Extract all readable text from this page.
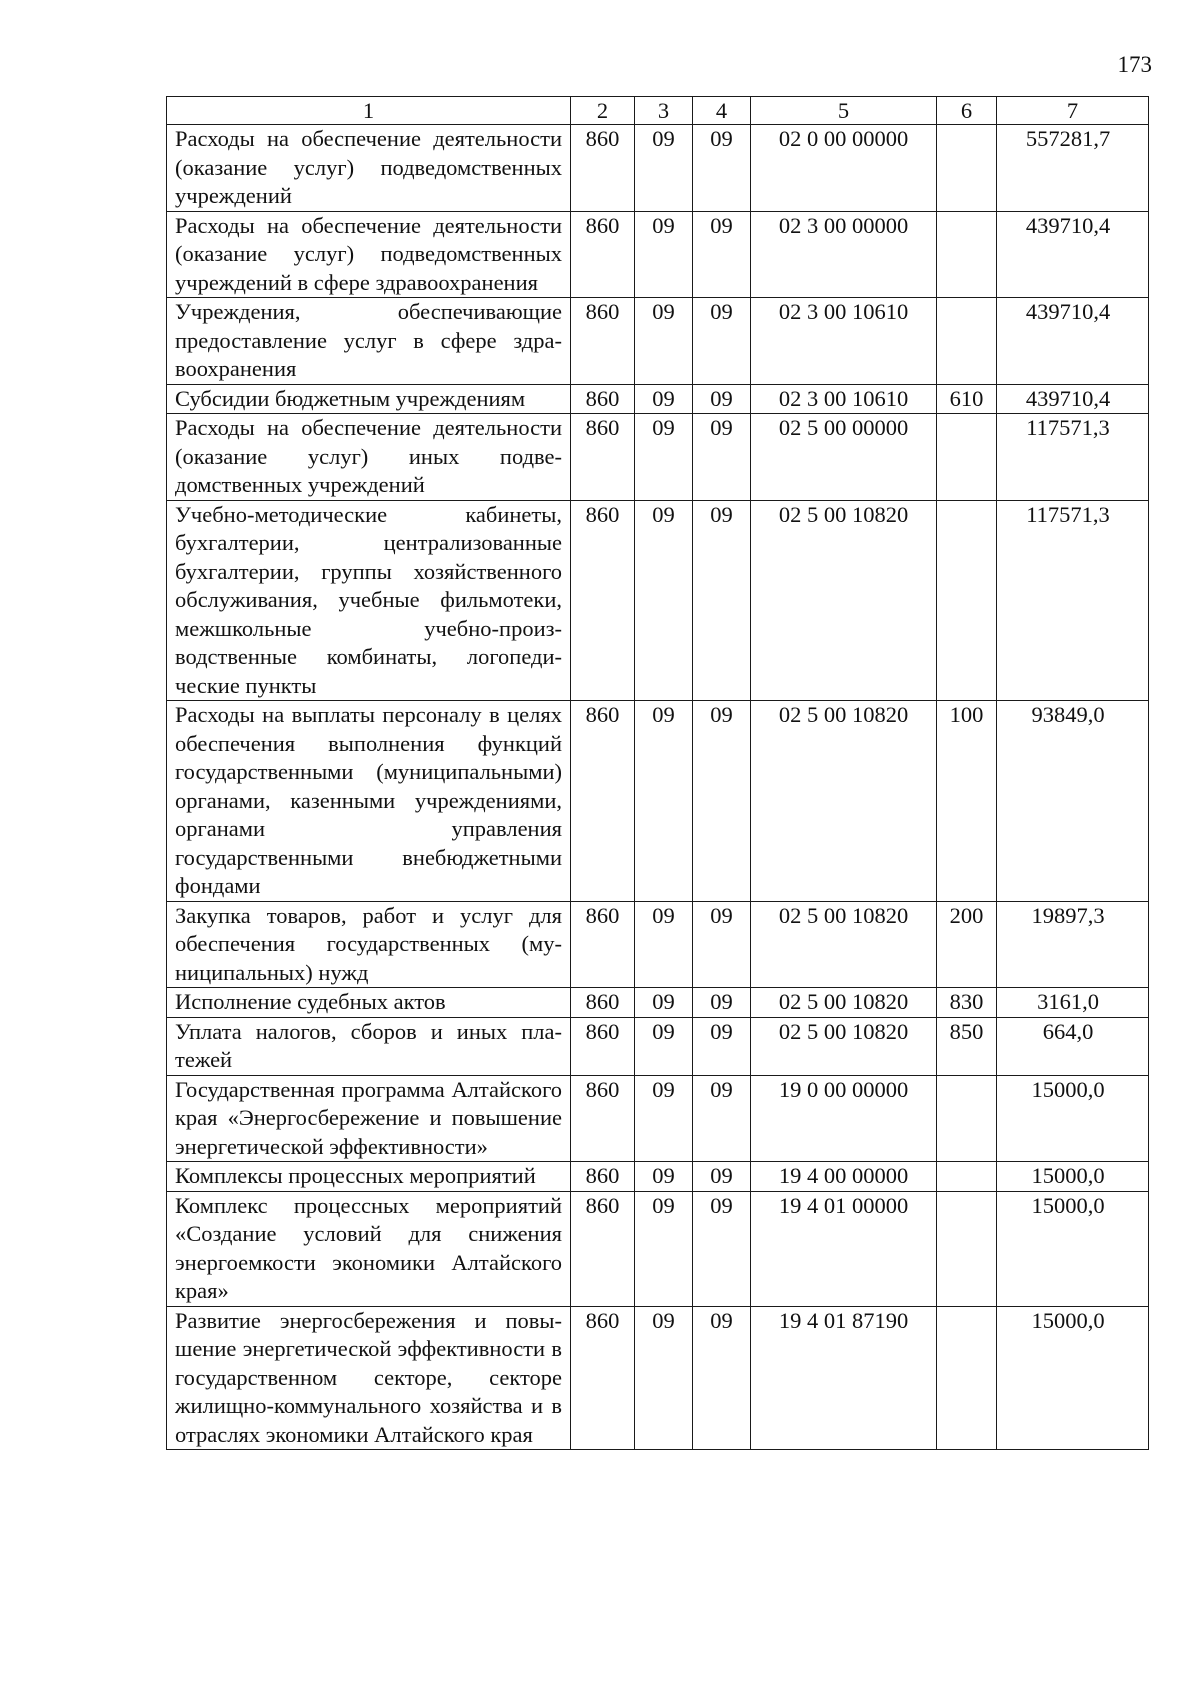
173
1	2	3	4	5	6	7
Расходы на обеспечение деятельности (оказание услуг) подведомственных учреждений	860	09	09	02 0 00 00000		557281,7
Расходы на обеспечение деятельности (оказание услуг) подведомственных учреждений в сфере здравоохранения	860	09	09	02 3 00 00000		439710,4
Учреждения, обеспечивающие предоставление услуг в сфере здравоохранения	860	09	09	02 3 00 10610		439710,4
Субсидии бюджетным учреждениям	860	09	09	02 3 00 10610	610	439710,4
Расходы на обеспечение деятельности (оказание услуг) иных подведомственных учреждений	860	09	09	02 5 00 00000		117571,3
Учебно-методические кабинеты, бухгалтерии, централизованные бухгалтерии, группы хозяйственного обслуживания, учебные фильмотеки, межшкольные учебно-производственные комбинаты, логопедические пункты	860	09	09	02 5 00 10820		117571,3
Расходы на выплаты персоналу в целях обеспечения выполнения функций государственными (муниципальными) органами, казенными учреждениями, органами управления государственными внебюджетными фондами	860	09	09	02 5 00 10820	100	93849,0
Закупка товаров, работ и услуг для обеспечения государственных (муниципальных) нужд	860	09	09	02 5 00 10820	200	19897,3
Исполнение судебных актов	860	09	09	02 5 00 10820	830	3161,0
Уплата налогов, сборов и иных платежей	860	09	09	02 5 00 10820	850	664,0
Государственная программа Алтайского края «Энергосбережение и повышение энергетической эффективности»	860	09	09	19 0 00 00000		15000,0
Комплексы процессных мероприятий	860	09	09	19 4 00 00000		15000,0
Комплекс процессных мероприятий «Создание условий для снижения энергоемкости экономики Алтайского края»	860	09	09	19 4 01 00000		15000,0
Развитие энергосбережения и повышение энергетической эффективности в государственном секторе, секторе жилищно-коммунального хозяйства и в отраслях экономики Алтайского края	860	09	09	19 4 01 87190		15000,0
